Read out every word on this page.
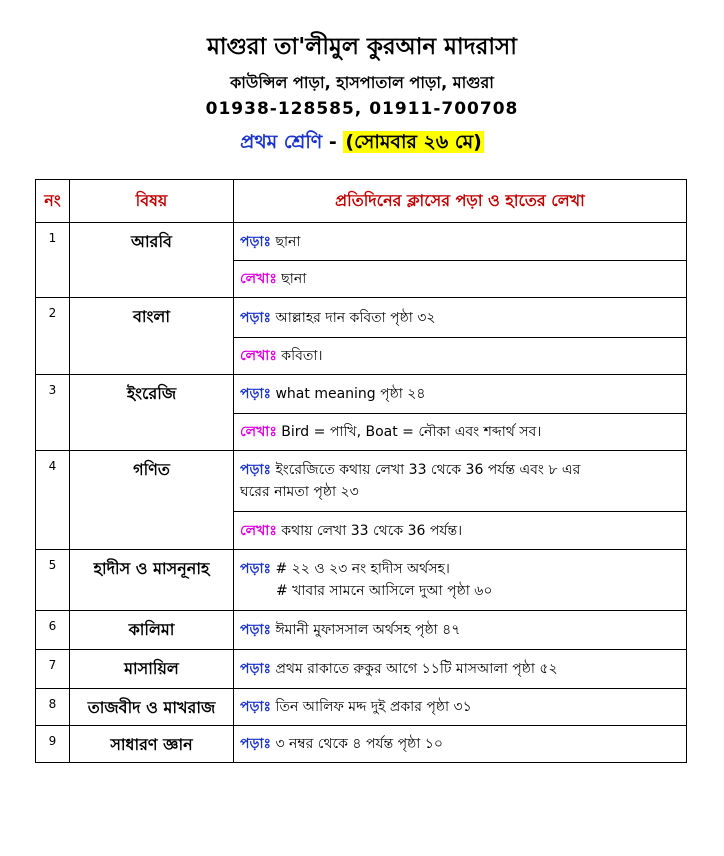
মাগুরা তা'লীমুল কুরআন মাদরাসা
কাউন্সিল পাড়া, হাসপাতাল পাড়া, মাগুরা
01938-128585, 01911-700708
প্রথম শ্রেণি - (সোমবার ২৬ মে)
নং	বিষয়	প্রতিদিনের ক্লাসের পড়া ও হাতের লেখা
1	আরবি	পড়াঃ ছানা
		লেখাঃ ছানা
2	বাংলা	পড়াঃ আল্লাহর দান কবিতা পৃষ্ঠা ৩২
		লেখাঃ কবিতা।
3	ইংরেজি	পড়াঃ what meaning পৃষ্ঠা ২৪
		লেখাঃ Bird = পাখি, Boat = নৌকা এবং শব্দার্থ সব।
4	গণিত	পড়াঃ ইংরেজিতে কথায় লেখা 33 থেকে 36 পর্যন্ত এবং ৮ এর
ঘরের নামতা পৃষ্ঠা ২৩

		লেখাঃ কথায় লেখা 33 থেকে 36 পর্যন্ত।
5	হাদীস ও মাসনূনাহ	পড়াঃ # ২২ ও ২৩ নং হাদীস অর্থসহ।
# খাবার সামনে আসিলে দুআ পৃষ্ঠা ৬০

6	কালিমা	পড়াঃ ঈমানী মুফাসসাল অর্থসহ পৃষ্ঠা ৪৭
7	মাসায়িল	পড়াঃ প্রথম রাকাতে রুকুর আগে ১১টি মাসআলা পৃষ্ঠা ৫২
8	তাজবীদ ও মাখরাজ	পড়াঃ তিন আলিফ মদ্দ দুই প্রকার পৃষ্ঠা ৩১
9	সাধারণ জ্ঞান	পড়াঃ ৩ নম্বর থেকে ৪ পর্যন্ত পৃষ্ঠা ১০
